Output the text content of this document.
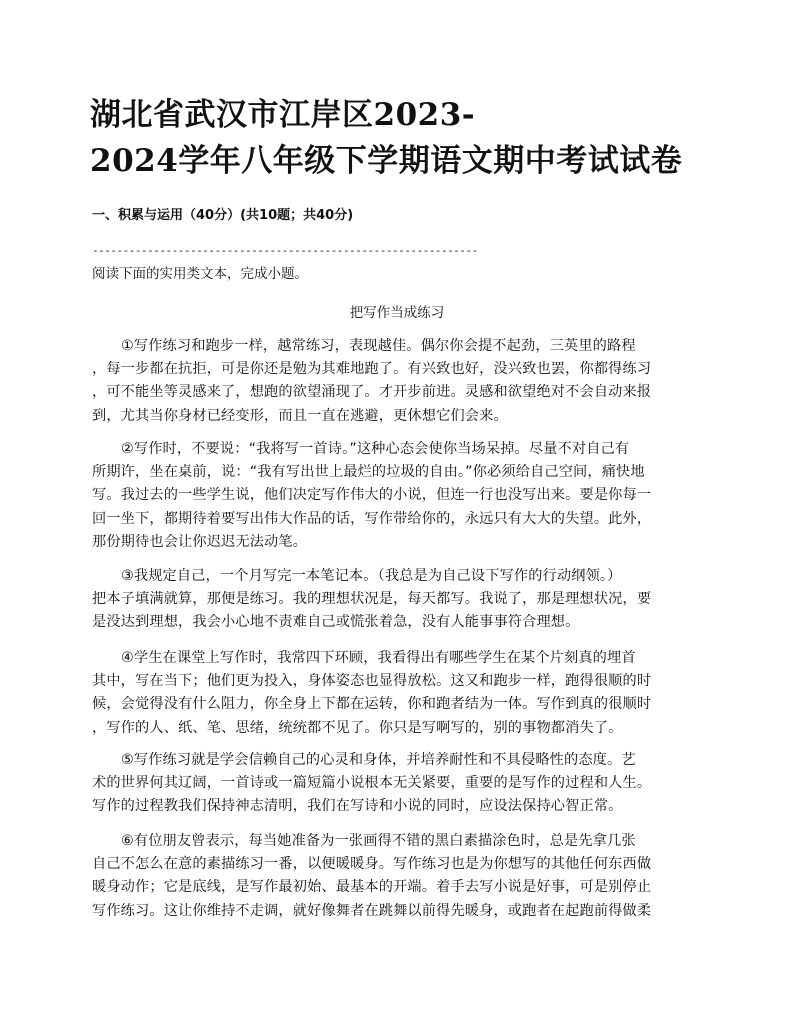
湖北省武汉市江岸区2023-
2024学年八年级下学期语文期中考试试卷
一、积累与运用（40分）(共10题；共40分)
---------------------------------------------------------------
阅读下面的实用类文本，完成小题。
把写作当成练习
①写作练习和跑步一样，越常练习，表现越佳。偶尔你会提不起劲，三英里的路程
，每一步都在抗拒，可是你还是勉为其难地跑了。有兴致也好，没兴致也罢，你都得练习
，可不能坐等灵感来了，想跑的欲望涌现了。才开步前进。灵感和欲望绝对不会自动来报
到，尤其当你身材已经变形，而且一直在逃避，更休想它们会来。
②写作时，不要说：“我将写一首诗。”这种心态会使你当场呆掉。尽量不对自己有
所期许，坐在桌前，说：“我有写出世上最烂的垃圾的自由。”你必须给自己空间，痛快地
写。我过去的一些学生说，他们决定写作伟大的小说，但连一行也没写出来。要是你每一
回一坐下，都期待着要写出伟大作品的话，写作带给你的，永远只有大大的失望。此外，
那份期待也会让你迟迟无法动笔。
③我规定自己，一个月写完一本笔记本。（我总是为自己设下写作的行动纲领。）
把本子填满就算，那便是练习。我的理想状况是，每天都写。我说了，那是理想状况，要
是没达到理想，我会小心地不责难自己或慌张着急，没有人能事事符合理想。
④学生在课堂上写作时，我常四下环顾，我看得出有哪些学生在某个片刻真的埋首
其中，写在当下；他们更为投入，身体姿态也显得放松。这又和跑步一样，跑得很顺的时
候，会觉得没有什么阻力，你全身上下都在运转，你和跑者结为一体。写作到真的很顺时
，写作的人、纸、笔、思绪，统统都不见了。你只是写啊写的，别的事物都消失了。
⑤写作练习就是学会信赖自己的心灵和身体，并培养耐性和不具侵略性的态度。艺
术的世界何其辽阔，一首诗或一篇短篇小说根本无关紧要，重要的是写作的过程和人生。
写作的过程教我们保持神志清明，我们在写诗和小说的同时，应设法保持心智正常。
⑥有位朋友曾表示，每当她准备为一张画得不错的黑白素描涂色时，总是先拿几张
自己不怎么在意的素描练习一番，以便暖暖身。写作练习也是为你想写的其他任何东西做
暖身动作；它是底线，是写作最初始、最基本的开端。着手去写小说是好事，可是别停止
写作练习。这让你维持不走调，就好像舞者在跳舞以前得先暖身，或跑者在起跑前得做柔
